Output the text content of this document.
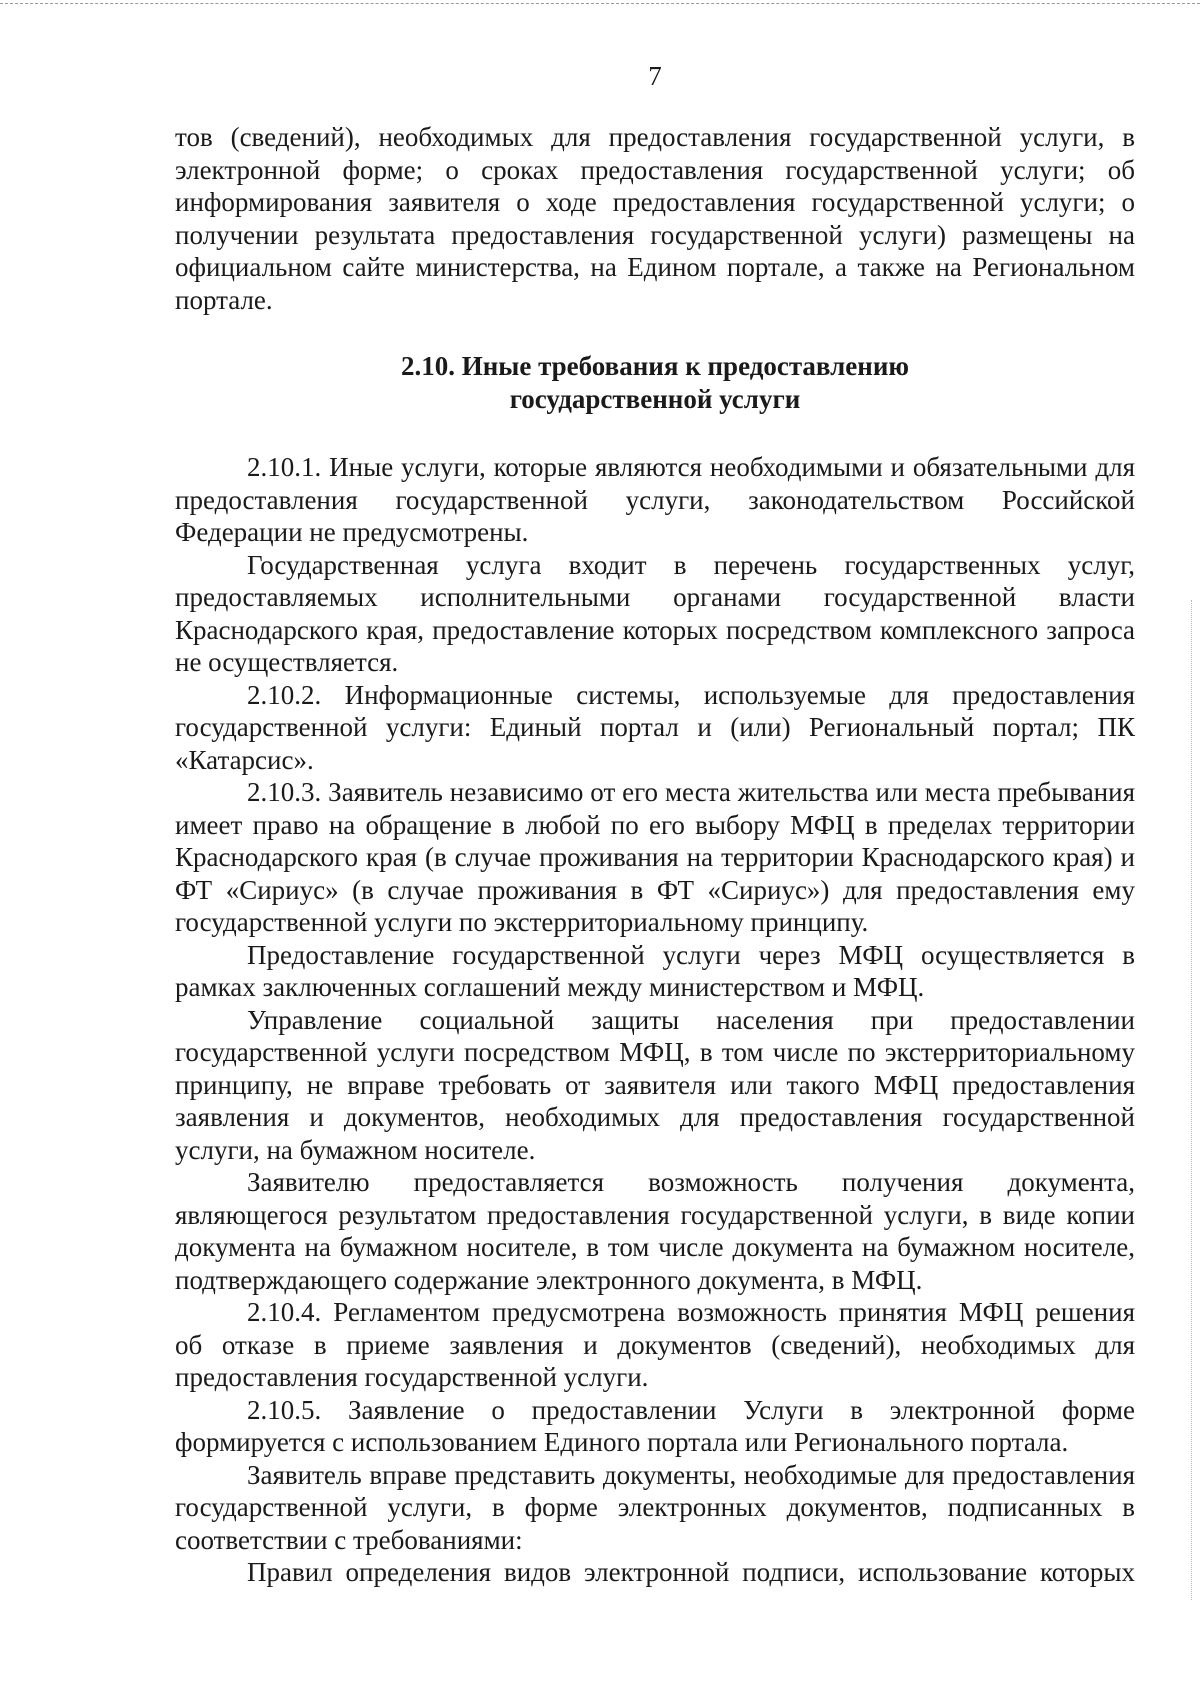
7

тов (сведений), необходимых для предоставления государственной услуги, в электронной форме; о сроках предоставления государственной услуги; об информирования заявителя о ходе предоставления государственной услуги; о получении результата предоставления государственной услуги) размещены на официальном сайте министерства, на Едином портале, а также на Региональном портале.

2.10. Иные требования к предоставлению
государственной услуги

2.10.1. Иные услуги, которые являются необходимыми и обязательными для предоставления государственной услуги, законодательством Российской Федерации не предусмотрены.

Государственная услуга входит в перечень государственных услуг, предоставляемых исполнительными органами государственной власти Краснодарского края, предоставление которых посредством комплексного запроса не осуществляется.

2.10.2. Информационные системы, используемые для предоставления государственной услуги: Единый портал и (или) Региональный портал; ПК «Катарсис».

2.10.3. Заявитель независимо от его места жительства или места пребывания имеет право на обращение в любой по его выбору МФЦ в пределах территории Краснодарского края (в случае проживания на территории Краснодарского края) и ФТ «Сириус» (в случае проживания в ФТ «Сириус») для предоставления ему государственной услуги по экстерриториальному принципу.

Предоставление государственной услуги через МФЦ осуществляется в рамках заключенных соглашений между министерством и МФЦ.

Управление социальной защиты населения при предоставлении государственной услуги посредством МФЦ, в том числе по экстерриториальному принципу, не вправе требовать от заявителя или такого МФЦ предоставления заявления и документов, необходимых для предоставления государственной услуги, на бумажном носителе.

Заявителю предоставляется возможность получения документа, являющегося результатом предоставления государственной услуги, в виде копии документа на бумажном носителе, в том числе документа на бумажном носителе, подтверждающего содержание электронного документа, в МФЦ.

2.10.4. Регламентом предусмотрена возможность принятия МФЦ решения об отказе в приеме заявления и документов (сведений), необходимых для предоставления государственной услуги.

2.10.5. Заявление о предоставлении Услуги в электронной форме формируется с использованием Единого портала или Регионального портала.

Заявитель вправе представить документы, необходимые для предоставления государственной услуги, в форме электронных документов, подписанных в соответствии с требованиями:

Правил определения видов электронной подписи, использование которых
